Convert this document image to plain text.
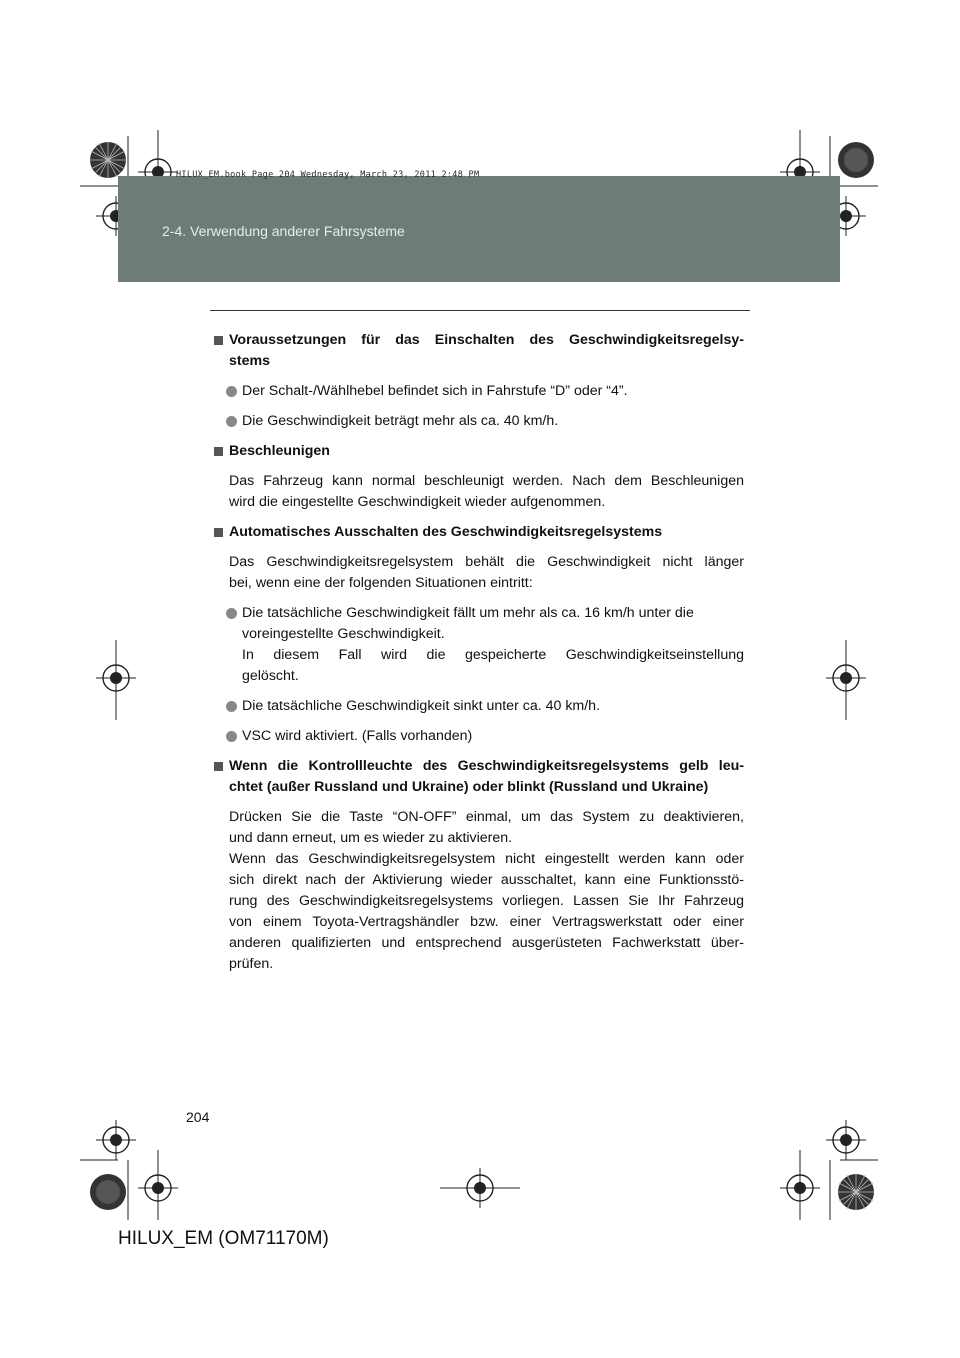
2-4. Verwendung anderer Fahrsysteme
HILUX_EM.book Page 204 Wednesday, March 23, 2011 2:48 PM
Voraussetzungen für das Einschalten des Geschwindigkeitsregelsy-
stems
Der Schalt-/Wählhebel befindet sich in Fahrstufe “D” oder “4”.
Die Geschwindigkeit beträgt mehr als ca. 40 km/h.
Beschleunigen
Das Fahrzeug kann normal beschleunigt werden. Nach dem Beschleunigen
wird die eingestellte Geschwindigkeit wieder aufgenommen.
Automatisches Ausschalten des Geschwindigkeitsregelsystems
Das Geschwindigkeitsregelsystem behält die Geschwindigkeit nicht länger
bei, wenn eine der folgenden Situationen eintritt:
Die tatsächliche Geschwindigkeit fällt um mehr als ca. 16 km/h unter die
voreingestellte Geschwindigkeit.
In diesem Fall wird die gespeicherte Geschwindigkeitseinstellung
gelöscht.
Die tatsächliche Geschwindigkeit sinkt unter ca. 40 km/h.
VSC wird aktiviert. (Falls vorhanden)
Wenn die Kontrollleuchte des Geschwindigkeitsregelsystems gelb leu-
chtet (außer Russland und Ukraine) oder blinkt (Russland und Ukraine)
Drücken Sie die Taste “ON-OFF” einmal, um das System zu deaktivieren,
und dann erneut, um es wieder zu aktivieren.
Wenn das Geschwindigkeitsregelsystem nicht eingestellt werden kann oder
sich direkt nach der Aktivierung wieder ausschaltet, kann eine Funktionsstö-
rung des Geschwindigkeitsregelsystems vorliegen. Lassen Sie Ihr Fahrzeug
von einem Toyota-Vertragshändler bzw. einer Vertragswerkstatt oder einer
anderen qualifizierten und entsprechend ausgerüsteten Fachwerkstatt über-
prüfen.
204
HILUX_EM (OM71170M)
